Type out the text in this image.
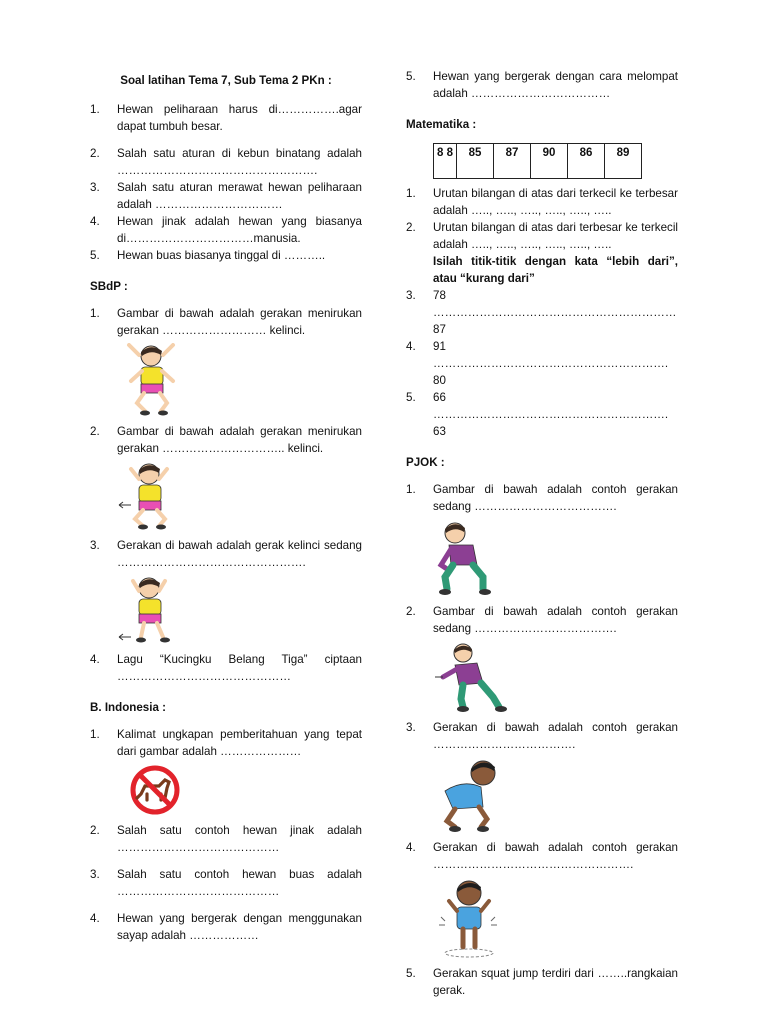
Soal latihan Tema 7, Sub Tema 2 PKn :
1.	Hewan peliharaan harus di…………….agar dapat tumbuh besar.
2.	Salah satu aturan di kebun binatang adalah …………………………………………….
3.	Salah satu aturan merawat hewan peliharaan adalah ……………………………
4.	Hewan jinak adalah hewan yang biasanya di……………………………manusia.
5.	Hewan buas biasanya tinggal di ………..
SBdP :
1.	Gambar di bawah adalah gerakan menirukan gerakan ……………………… kelinci.
2.	Gambar di bawah adalah gerakan menirukan gerakan ………………………….. kelinci.
3.	Gerakan di bawah adalah gerak kelinci sedang ………………………………………….
4.	Lagu “Kucingku Belang Tiga” ciptaan ………………………………………
B. Indonesia :
1.	Kalimat ungkapan pemberitahuan yang tepat dari gambar adalah …………………
2.	Salah satu contoh hewan jinak adalah ……………………………………
3.	Salah satu contoh hewan buas adalah ……………………………………
4.	Hewan yang bergerak dengan menggunakan sayap adalah ………………
5.	Hewan yang bergerak dengan cara melompat adalah ………………………………
Matematika :
8 8	85	87	90	86	89
1.	Urutan bilangan di atas dari terkecil ke terbesar adalah ….., ….., ….., ….., ….., …..
2.	Urutan bilangan di atas dari terbesar ke terkecil adalah ….., ….., ….., ….., ….., …..
Isilah titik-titik dengan kata “lebih dari”, atau “kurang dari”
3.	78 ……………………………………………………… 87
4.	91 ……………………………………………………. 80
5.	66 ……………………………………………………. 63
PJOK :
1.	Gambar di bawah adalah contoh gerakan sedang ……………………………….
2.	Gambar di bawah adalah contoh gerakan sedang ……………………………….
3.	Gerakan di bawah adalah contoh gerakan ……………………………….
4.	Gerakan di bawah adalah contoh gerakan …………………………………………….
5.	Gerakan squat jump terdiri dari ……..rangkaian gerak.
